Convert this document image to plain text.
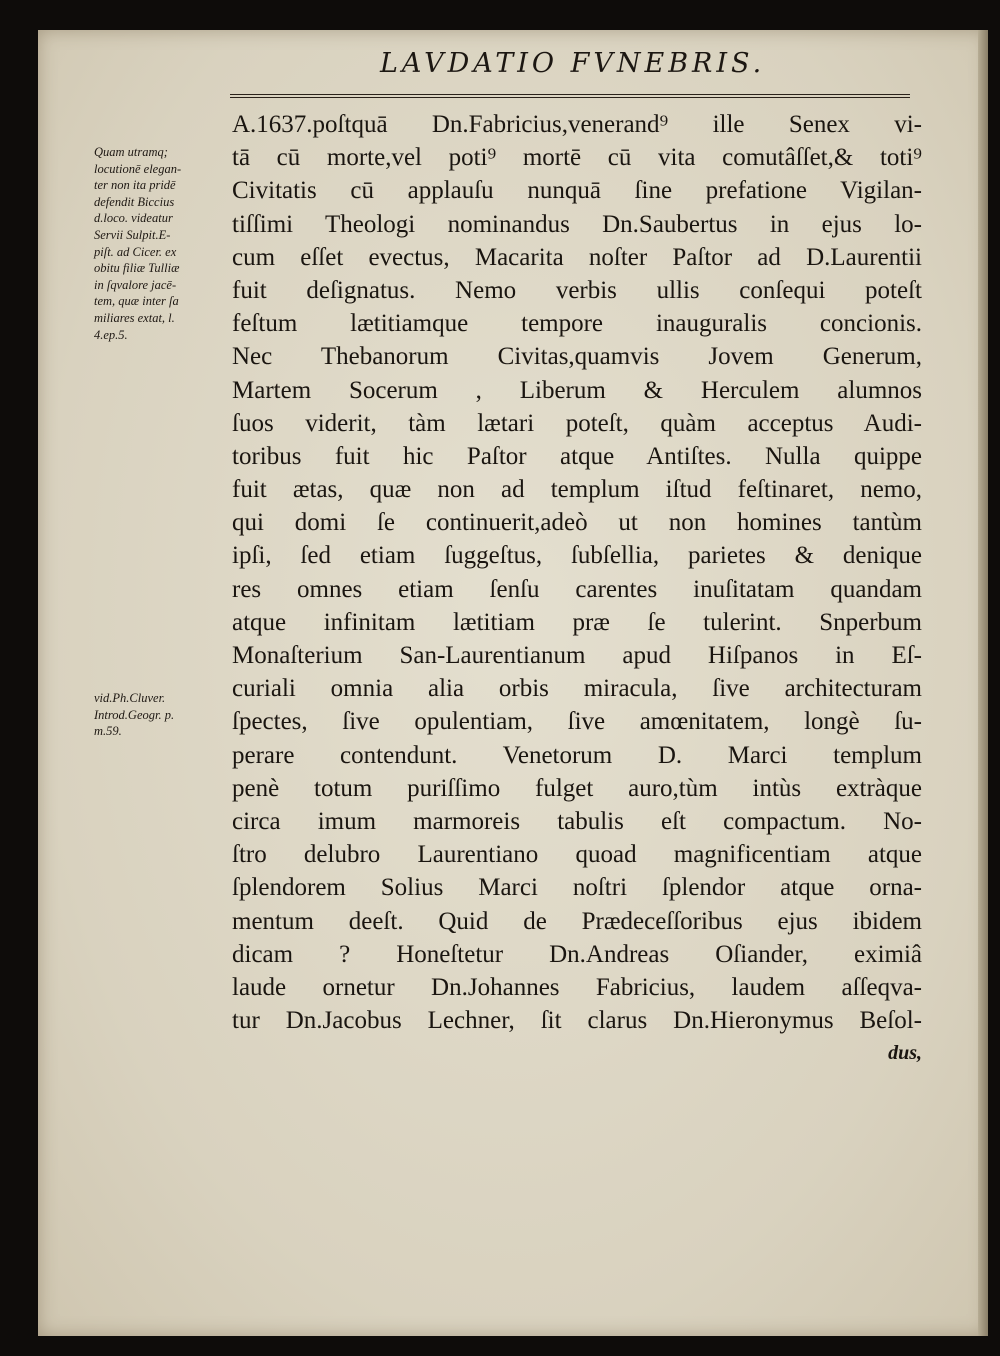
LAVDATIO FVNEBRIS.
A.1637.poſtquā Dn.Fabricius,venerand⁹ ille Senex vi-
tā cū morte,vel poti⁹ mortē cū vita comutâſſet,& toti⁹
Civitatis cū applauſu nunquā ſine prefatione Vigilan-
tiſſimi Theologi nominandus Dn.Saubertus in ejus lo-
cum eſſet evectus, Macarita noſter Paſtor ad D.Laurentii
fuit deſignatus. Nemo verbis ullis conſequi poteſt
feſtum lætitiamque tempore inauguralis concionis.
Nec Thebanorum Civitas,quamvis Jovem Generum,
Martem Socerum , Liberum & Herculem alumnos
ſuos viderit, tàm lætari poteſt, quàm acceptus Audi-
toribus fuit hic Paſtor atque Antiſtes. Nulla quippe
fuit ætas, quæ non ad templum iſtud feſtinaret, nemo,
qui domi ſe continuerit,adeò ut non homines tantùm
ipſi, ſed etiam ſuggeſtus, ſubſellia, parietes & denique
res omnes etiam ſenſu carentes inuſitatam quandam
atque infinitam lætitiam præ ſe tulerint. Snperbum
Monaſterium San-Laurentianum apud Hiſpanos in Eſ-
curiali omnia alia orbis miracula, ſive architecturam
ſpectes, ſive opulentiam, ſive amœnitatem, longè ſu-
perare contendunt. Venetorum D. Marci templum
penè totum puriſſimo fulget auro,tùm intùs extràque
circa imum marmoreis tabulis eſt compactum. No-
ſtro delubro Laurentiano quoad magnificentiam atque
ſplendorem Solius Marci noſtri ſplendor atque orna-
mentum deeſt. Quid de Prædeceſſoribus ejus ibidem
dicam ? Honeſtetur Dn.Andreas Oſiander, eximiâ
laude ornetur Dn.Johannes Fabricius, laudem aſſeqva-
tur Dn.Jacobus Lechner, ſit clarus Dn.Hieronymus Beſol-
dus,
Quam utramq;
locutionē elegan-
ter non ita pridē
defendit Biccius
d.loco. videatur
Servii Sulpit.E-
piſt. ad Cicer. ex
obitu filiæ Tulliæ
in ſqvalore jacē-
tem, quæ inter ſa
miliares extat, l.
4.ep.5.
vid.Ph.Cluver.
Introd.Geogr. p.
m.59.
